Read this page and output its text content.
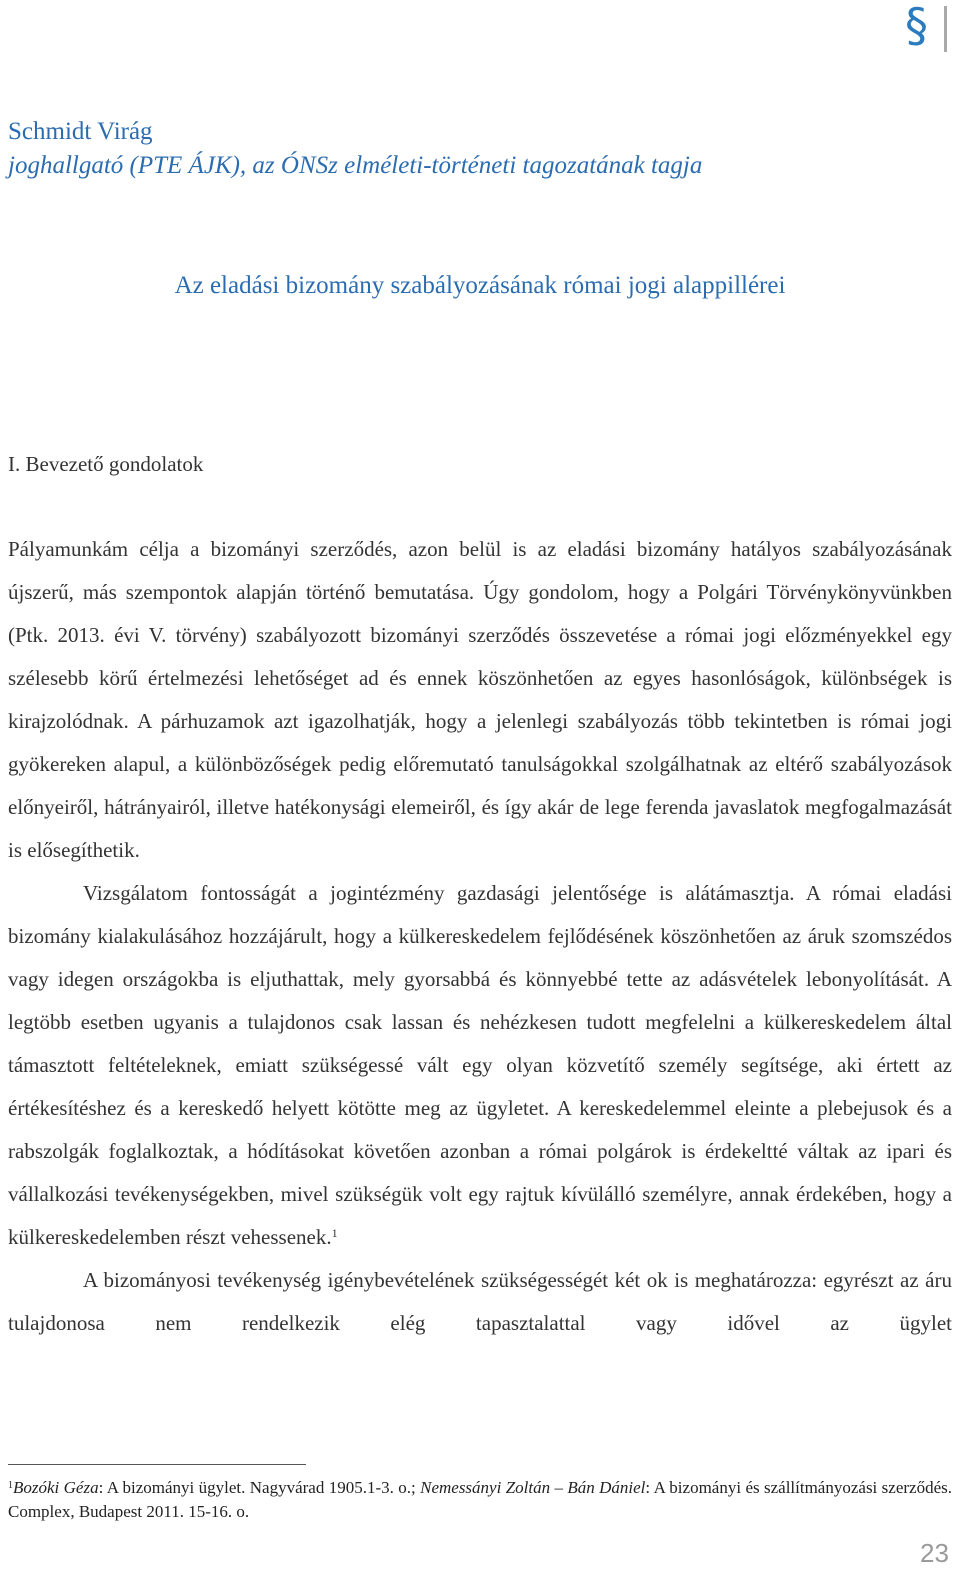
§
Schmidt Virág
joghallgató (PTE ÁJK), az ÓNSz elméleti-történeti tagozatának tagja
Az eladási bizomány szabályozásának római jogi alappillérei
I. Bevezető gondolatok

Pályamunkám célja a bizományi szerződés, azon belül is az eladási bizomány hatályos szabályozásának újszerű, más szempontok alapján történő bemutatása. Úgy gondolom, hogy a Polgári Törvénykönyvünkben (Ptk. 2013. évi V. törvény) szabályozott bizományi szerződés összevetése a római jogi előzményekkel egy szélesebb körű értelmezési lehetőséget ad és ennek köszönhetően az egyes hasonlóságok, különbségek is kirajzolódnak. A párhuzamok azt igazolhatják, hogy a jelenlegi szabályozás több tekintetben is római jogi gyökereken alapul, a különbözőségek pedig előremutató tanulságokkal szolgálhatnak az eltérő szabályozások előnyeiről, hátrányairól, illetve hatékonysági elemeiről, és így akár de lege ferenda javaslatok megfogalmazását is elősegíthetik.

Vizsgálatom fontosságát a jogintézmény gazdasági jelentősége is alátámasztja. A római eladási bizomány kialakulásához hozzájárult, hogy a külkereskedelem fejlődésének köszönhetően az áruk szomszédos vagy idegen országokba is eljuthattak, mely gyorsabbá és könnyebbé tette az adásvételek lebonyolítását. A legtöbb esetben ugyanis a tulajdonos csak lassan és nehézkesen tudott megfelelni a külkereskedelem által támasztott feltételeknek, emiatt szükségessé vált egy olyan közvetítő személy segítsége, aki értett az értékesítéshez és a kereskedő helyett kötötte meg az ügyletet. A kereskedelemmel eleinte a plebejusok és a rabszolgák foglalkoztak, a hódításokat követően azonban a római polgárok is érdekeltté váltak az ipari és vállalkozási tevékenységekben, mivel szükségük volt egy rajtuk kívülálló személyre, annak érdekében, hogy a külkereskedelemben részt vehessenek.$^1$

A bizományosi tevékenység igénybevételének szükségességét két ok is meghatározza: egyrészt az áru tulajdonosa nem rendelkezik elég tapasztalattal vagy idővel az ügylet

$^1$Bozóki Géza: A bizományi ügylet. Nagyvárad 1905.1-3. o.; Nemessányi Zoltán – Bán Dániel: A bizományi és szállítmányozási szerződés. Complex, Budapest 2011. 15-16. o.
23
